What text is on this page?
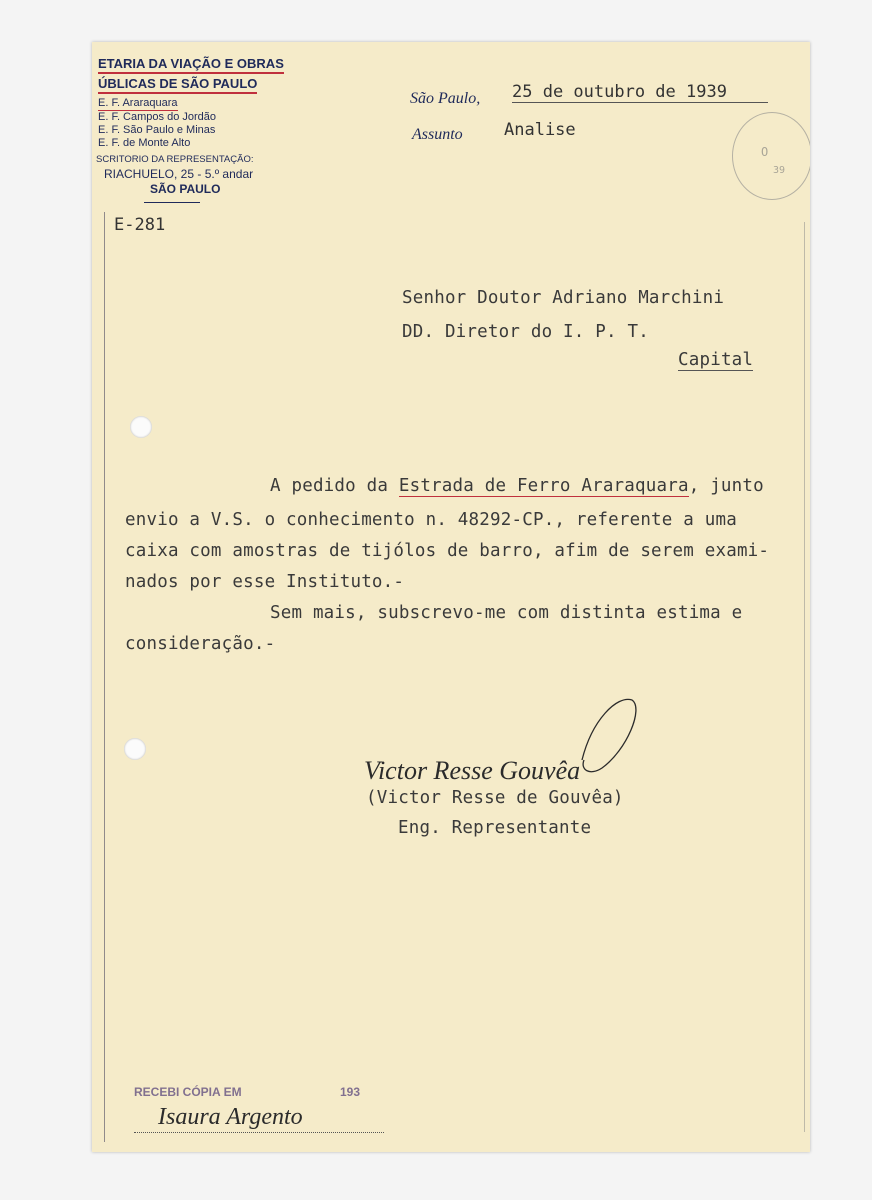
ETARIA DA VIAÇÃO E OBRAS
ÚBLICAS DE SÃO PAULO
E. F. Araraquara
E. F. Campos do Jordão
E. F. São Paulo e Minas
E. F. de Monte Alto
SCRITORIO DA REPRESENTAÇÃO:
RIACHUELO, 25 - 5.º andar
SÃO PAULO
São Paulo, 25 de outubro de 1939
Assunto Analise
O
39
E-281
Senhor Doutor Adriano Marchini
DD. Diretor do I. P. T.
Capital
A pedido da Estrada de Ferro Araraquara, junto
envio a V.S. o conhecimento n. 48292-CP., referente a uma
caixa com amostras de tijólos de barro, afim de serem exami-
nados por esse Instituto.-
Sem mais, subscrevo-me com distinta estima e
consideração.-
Victor Resse Gouvêa
(Victor Resse de Gouvêa)
Eng. Representante
RECEBI CÓPIA EM	193
Isaura Argento
